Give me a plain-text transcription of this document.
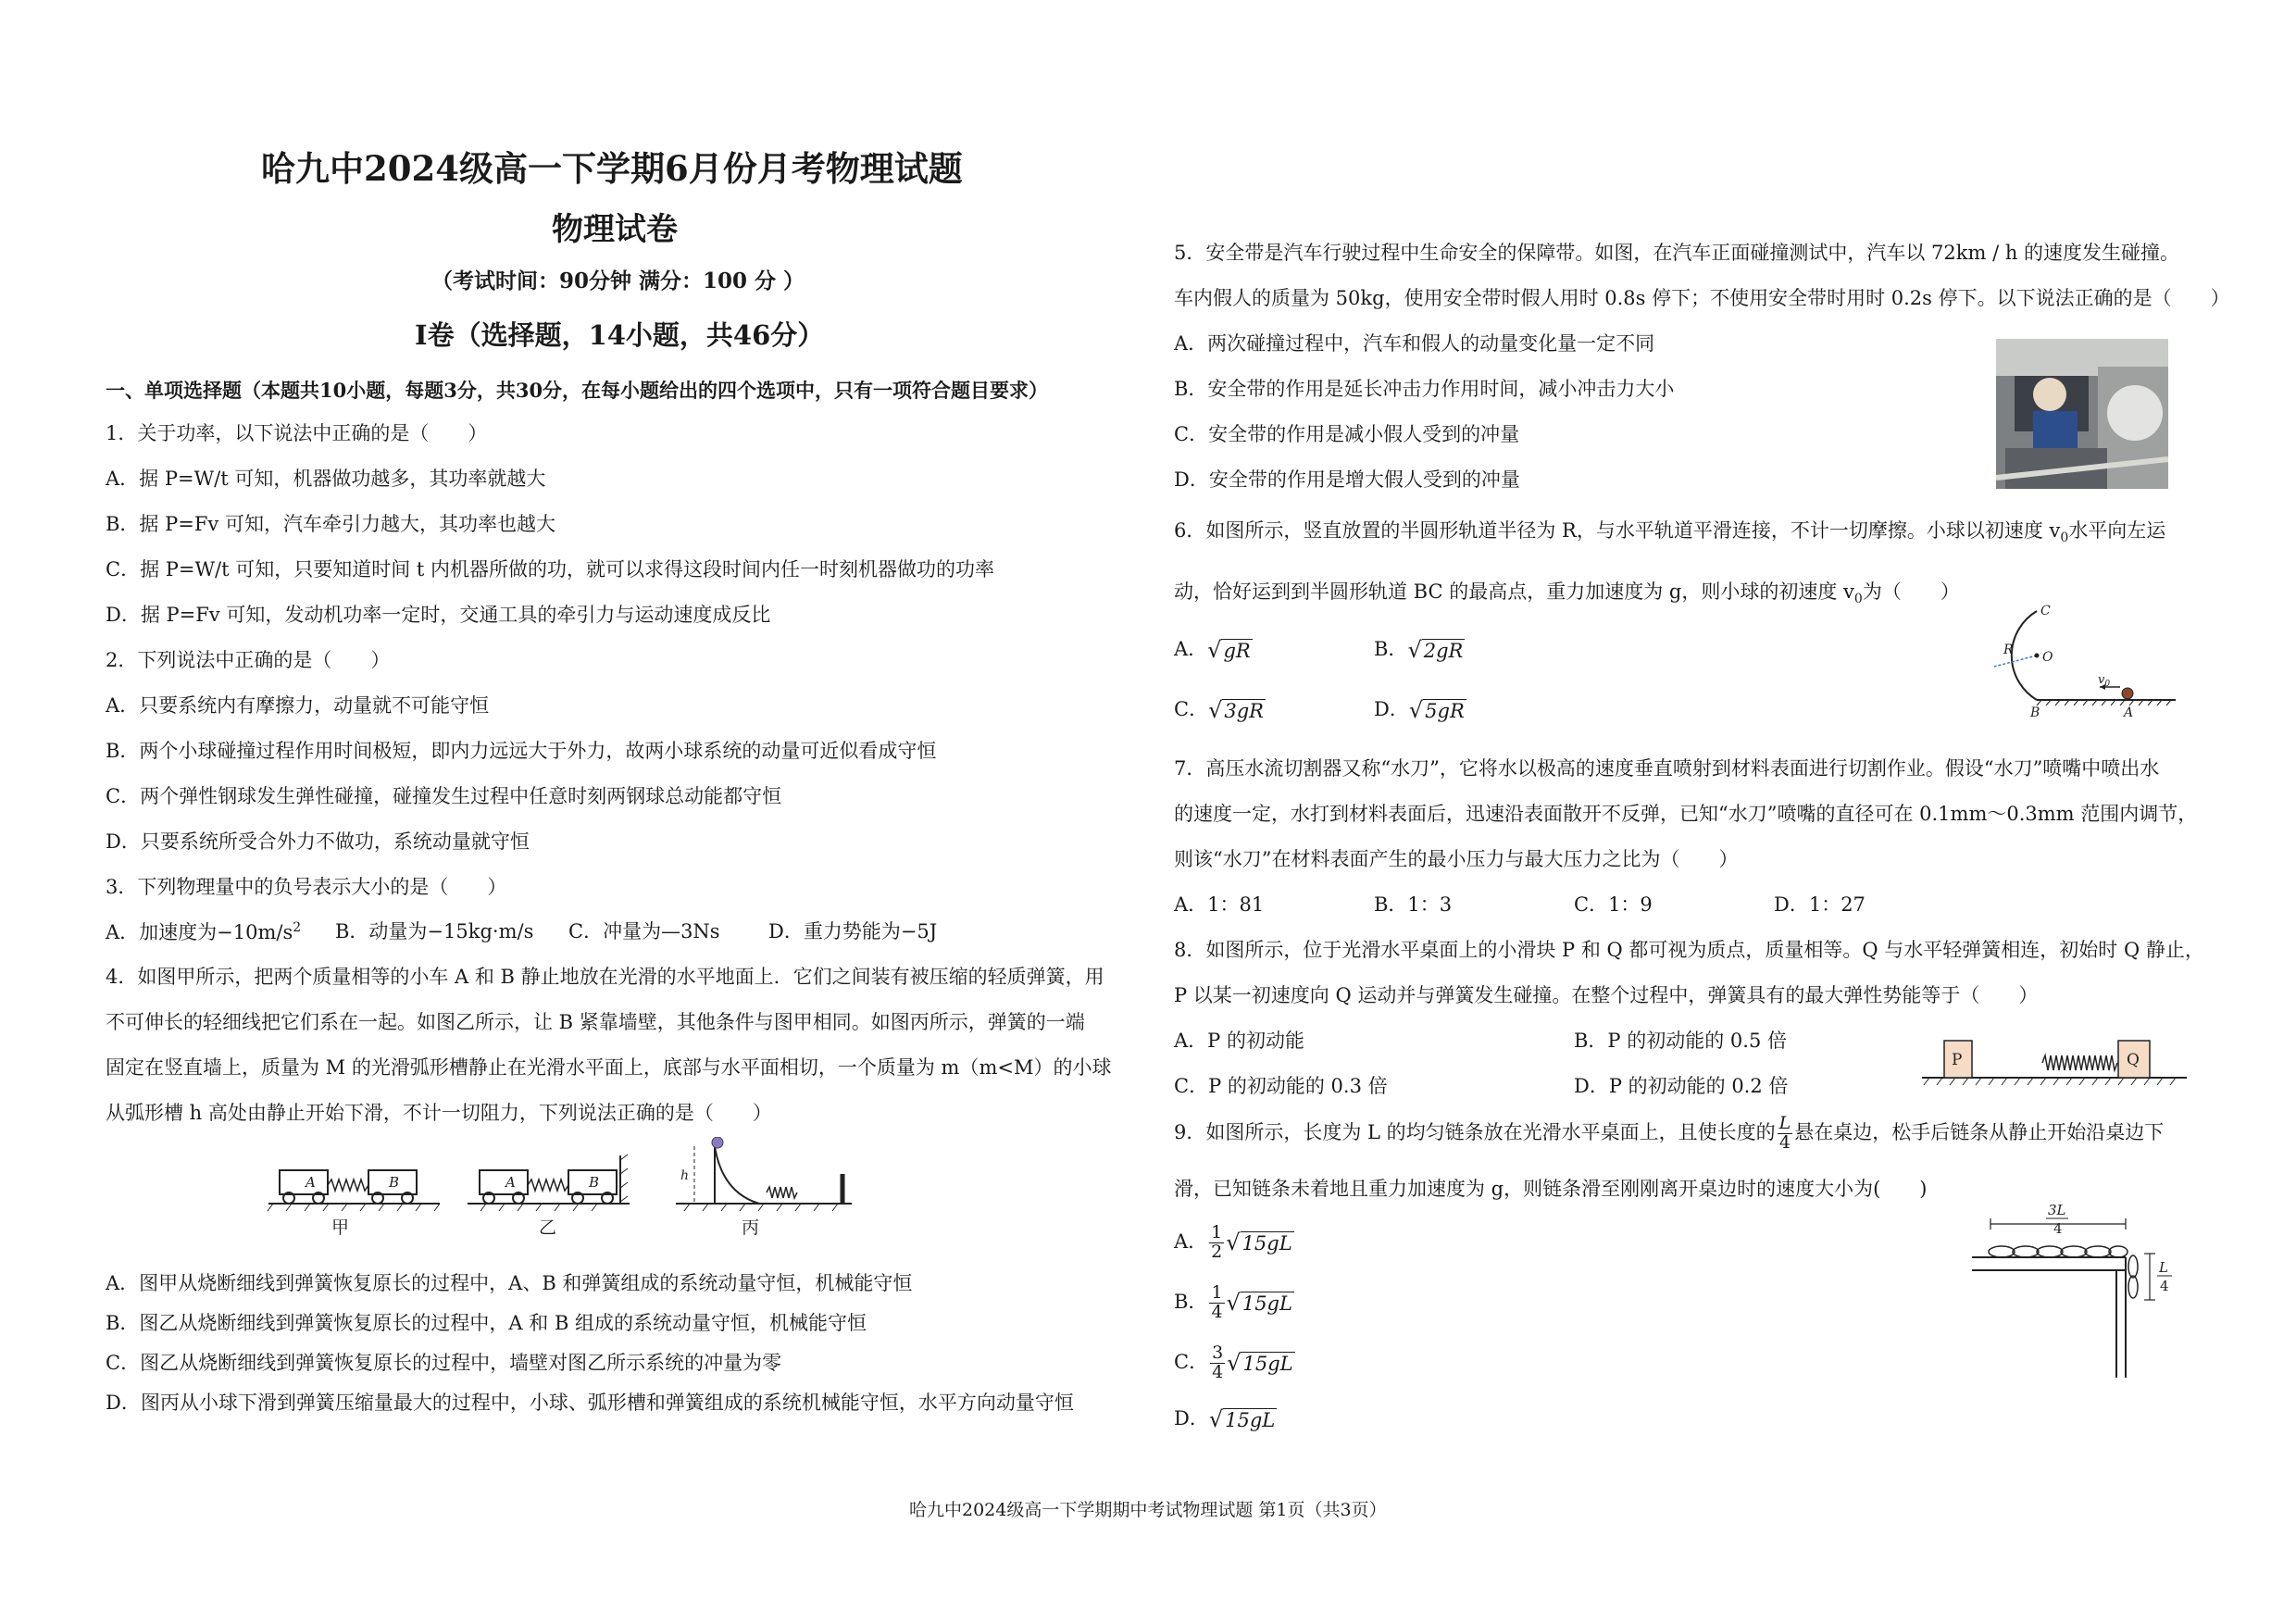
哈九中2024级高一下学期6月份月考物理试题
物理试卷
（考试时间：90分钟 满分：100 分 ）
I卷（选择题，14小题，共46分）
一、单项选择题（本题共10小题，每题3分，共30分，在每小题给出的四个选项中，只有一项符合题目要求）
1．关于功率，以下说法中正确的是（　　）
A．据 P=W/t 可知，机器做功越多，其功率就越大
B．据 P=Fv 可知，汽车牵引力越大，其功率也越大
C．据 P=W/t 可知，只要知道时间 t 内机器所做的功，就可以求得这段时间内任一时刻机器做功的功率
D．据 P=Fv 可知，发动机功率一定时，交通工具的牵引力与运动速度成反比
2．下列说法中正确的是（　　）
A．只要系统内有摩擦力，动量就不可能守恒
B．两个小球碰撞过程作用时间极短，即内力远远大于外力，故两小球系统的动量可近似看成守恒
C．两个弹性钢球发生弹性碰撞，碰撞发生过程中任意时刻两钢球总动能都守恒
D．只要系统所受合外力不做功，系统动量就守恒
3．下列物理量中的负号表示大小的是（　　）
A．加速度为$-10m/s^2$ B．动量为−15kg·m/s C．冲量为—3Ns D．重力势能为−5J
4．如图甲所示，把两个质量相等的小车 A 和 B 静止地放在光滑的水平地面上．它们之间装有被压缩的轻质弹簧，用
不可伸长的轻细线把它们系在一起。如图乙所示，让 B 紧靠墙壁，其他条件与图甲相同。如图丙所示，弹簧的一端
固定在竖直墙上，质量为 M 的光滑弧形槽静止在光滑水平面上，底部与水平面相切，一个质量为 m（m<M）的小球
从弧形槽 h 高处由静止开始下滑，不计一切阻力，下列说法正确的是（　　）
A	B	A	B	h
甲	乙	丙
A．图甲从烧断细线到弹簧恢复原长的过程中，A、B 和弹簧组成的系统动量守恒，机械能守恒
B．图乙从烧断细线到弹簧恢复原长的过程中，A 和 B 组成的系统动量守恒，机械能守恒
C．图乙从烧断细线到弹簧恢复原长的过程中，墙壁对图乙所示系统的冲量为零
D．图丙从小球下滑到弹簧压缩量最大的过程中，小球、弧形槽和弹簧组成的系统机械能守恒，水平方向动量守恒
5．安全带是汽车行驶过程中生命安全的保障带。如图，在汽车正面碰撞测试中，汽车以 72km / h 的速度发生碰撞。
车内假人的质量为 50kg，使用安全带时假人用时 0.8s 停下；不使用安全带时用时 0.2s 停下。以下说法正确的是（　　）
A．两次碰撞过程中，汽车和假人的动量变化量一定不同
B．安全带的作用是延长冲击力作用时间，减小冲击力大小
C．安全带的作用是减小假人受到的冲量
D．安全带的作用是增大假人受到的冲量
6．如图所示，竖直放置的半圆形轨道半径为 R，与水平轨道平滑连接，不计一切摩擦。小球以初速度 $v_0$水平向左运
动，恰好运到到半圆形轨道 BC 的最高点，重力加速度为 g，则小球的初速度 $v_0$为（　　）
A．√gR	B．√2gR
C．√3gR	D．√5gR
C
R O
$v_0$
B	A
7．高压水流切割器又称“水刀”，它将水以极高的速度垂直喷射到材料表面进行切割作业。假设“水刀”喷嘴中喷出水
的速度一定，水打到材料表面后，迅速沿表面散开不反弹，已知“水刀”喷嘴的直径可在 0.1mm～0.3mm 范围内调节，
则该“水刀”在材料表面产生的最小压力与最大压力之比为（　　）
A．1：81	B．1：3	C．1：9	D．1：27
8．如图所示，位于光滑水平桌面上的小滑块 P 和 Q 都可视为质点，质量相等。Q 与水平轻弹簧相连，初始时 Q 静止，
P 以某一初速度向 Q 运动并与弹簧发生碰撞。在整个过程中，弹簧具有的最大弹性势能等于（　　）
A．P 的初动能	B．P 的初动能的 0.5 倍
C．P 的初动能的 0.3 倍	D．P 的初动能的 0.2 倍
P	Q
9．如图所示，长度为 L 的均匀链条放在光滑水平桌面上，且使长度的 $\frac{L}{4}$ 悬在桌边，松手后链条从静止开始沿桌边下
滑，已知链条未着地且重力加速度为 g，则链条滑至刚刚离开桌边时的速度大小为(　　)
A． $\frac{1}{2} √15gL$
B． $\frac{1}{4} √15gL$
C． $\frac{3}{4} √15gL$
D．√15gL
3L
4
L
4
哈九中2024级高一下学期期中考试物理试题 第1页（共3页）
